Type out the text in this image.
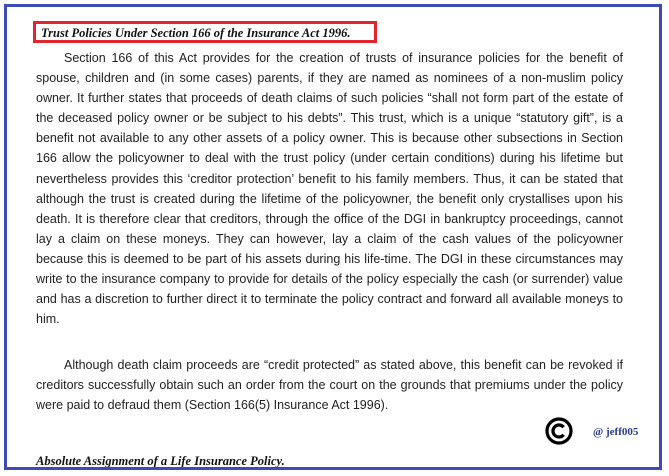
Trust Policies Under Section 166 of the Insurance Act 1996.

Section 166 of this Act provides for the creation of trusts of insurance policies for the benefit of spouse, children and (in some cases) parents, if they are named as nominees of a non-muslim policy owner. It further states that proceeds of death claims of such policies “shall not form part of the estate of the deceased policy owner or be subject to his debts”. This trust, which is a unique “statutory gift”, is a benefit not available to any other assets of a policy owner. This is because other subsections in Section 166 allow the policyowner to deal with the trust policy (under certain conditions) during his lifetime but nevertheless provides this ‘creditor protection’ benefit to his family members. Thus, it can be stated that although the trust is created during the lifetime of the policyowner, the benefit only crystallises upon his death. It is therefore clear that creditors, through the office of the DGI in bankruptcy proceedings, cannot lay a claim on these moneys. They can however, lay a claim of the cash values of the policyowner because this is deemed to be part of his assets during his life-time. The DGI in these circumstances may write to the insurance company to provide for details of the policy especially the cash (or surrender) value and has a discretion to further direct it to terminate the policy contract and forward all available moneys to him.

Although death claim proceeds are “credit protected” as stated above, this benefit can be revoked if creditors successfully obtain such an order from the court on the grounds that premiums under the policy were paid to defraud them (Section 166(5) Insurance Act 1996).

@ jeff005
Absolute Assignment of a Life Insurance Policy.
